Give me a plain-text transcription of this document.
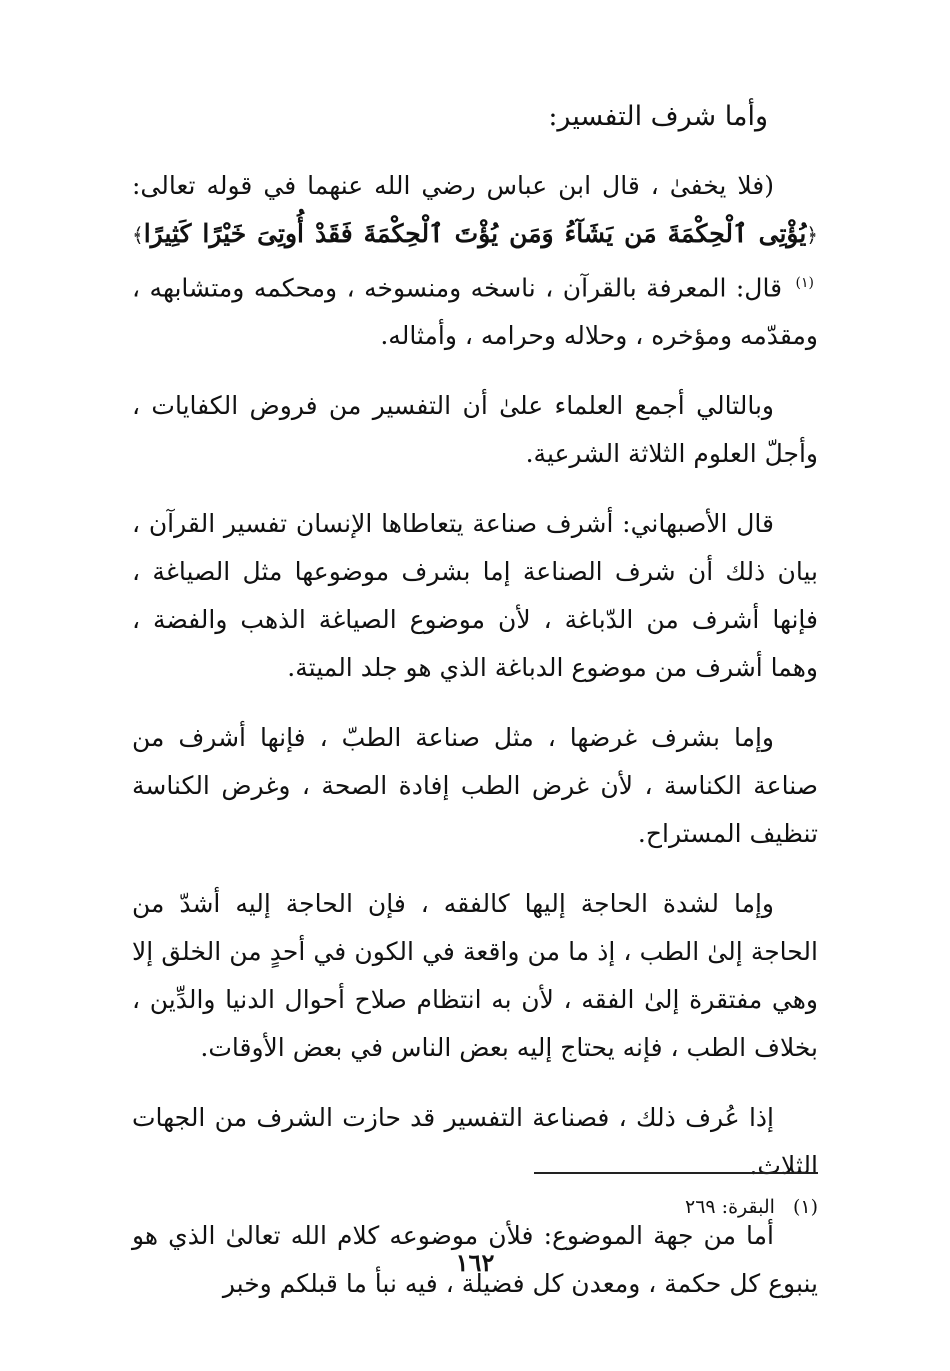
وأما شرف التفسير:

(فلا يخفىٰ ، قال ابن عباس رضي الله عنهما في قوله تعالى: ﴿يُؤْتِى ٱلْحِكْمَةَ مَن يَشَآءُ وَمَن يُؤْتَ ٱلْحِكْمَةَ فَقَدْ أُوتِىَ خَيْرًا كَثِيرًا﴾$^{(١)}$ قال: المعرفة بالقرآن ، ناسخه ومنسوخه ، ومحكمه ومتشابهه ، ومقدّمه ومؤخره ، وحلاله وحرامه ، وأمثاله.

وبالتالي أجمع العلماء علىٰ أن التفسير من فروض الكفايات ، وأجلّ العلوم الثلاثة الشرعية.

قال الأصبهاني: أشرف صناعة يتعاطاها الإنسان تفسير القرآن ، بيان ذلك أن شرف الصناعة إما بشرف موضوعها مثل الصياغة ، فإنها أشرف من الدّباغة ، لأن موضوع الصياغة الذهب والفضة ، وهما أشرف من موضوع الدباغة الذي هو جلد الميتة.

وإما بشرف غرضها ، مثل صناعة الطبّ ، فإنها أشرف من صناعة الكناسة ، لأن غرض الطب إفادة الصحة ، وغرض الكناسة تنظيف المستراح.

وإما لشدة الحاجة إليها كالفقه ، فإن الحاجة إليه أشدّ من الحاجة إلىٰ الطب ، إذ ما من واقعة في الكون في أحدٍ من الخلق إلا وهي مفتقرة إلىٰ الفقه ، لأن به انتظام صلاح أحوال الدنيا والدِّين ، بخلاف الطب ، فإنه يحتاج إليه بعض الناس في بعض الأوقات.

إذا عُرف ذلك ، فصناعة التفسير قد حازت الشرف من الجهات الثلاث.

أما من جهة الموضوع: فلأن موضوعه كلام الله تعالىٰ الذي هو ينبوع كل حكمة ، ومعدن كل فضيلة ، فيه نبأ ما قبلكم وخبر

(١)البقرة: ٢٦٩
١٦٢
